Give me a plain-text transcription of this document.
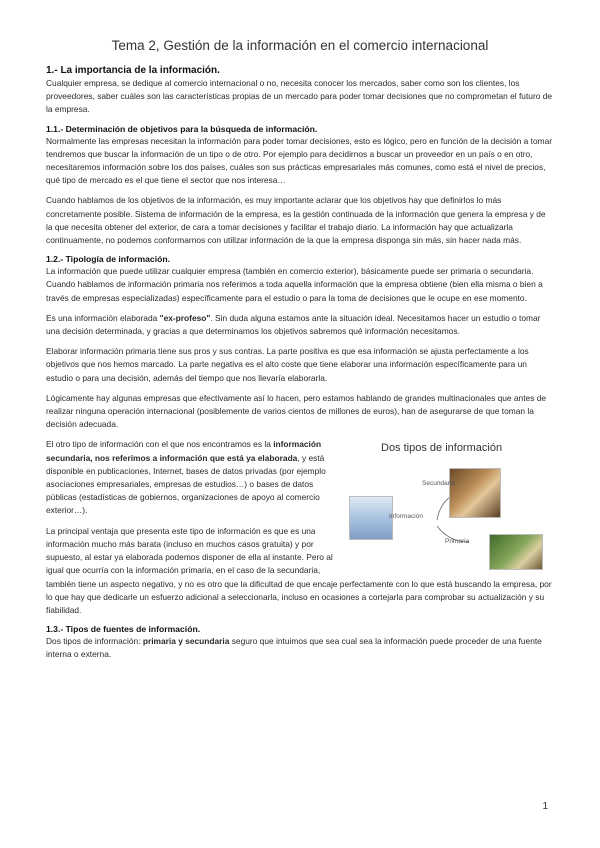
Tema 2, Gestión de la información en el comercio internacional
1.- La importancia de la información.

Cualquier empresa, se dedique al comercio internacional o no, necesita conocer los mercados, saber como son los clientes, los proveedores, saber cuáles son las características propias de un mercado para poder tomar decisiones que no comprometan el futuro de la empresa.

1.1.- Determinación de objetivos para la búsqueda de información.

Normalmente las empresas necesitan la información para poder tomar decisiones, esto es lógico, pero en función de la decisión a tomar tendremos que buscar la información de un tipo o de otro. Por ejemplo para decidirnos a buscar un proveedor en un país o en otro, necesitaremos información sobre los dos países, cuáles son sus prácticas empresariales más comunes, como está el nivel de precios, qué tipo de mercado es el que tiene el sector que nos interesa…

Cuando hablamos de los objetivos de la información, es muy importante aclarar que los objetivos hay que definirlos lo más concretamente posible. Sistema de información de la empresa, es la gestión continuada de la información que genera la empresa y de la que necesita obtener del exterior, de cara a tomar decisiones y facilitar el trabajo diario. La información hay que actualizarla continuamente, no podemos conformarnos con utilizar información de la que la empresa disponga sin más, sin hacer nada más.

1.2.- Tipología de información.

La información que puede utilizar cualquier empresa (también en comercio exterior), básicamente puede ser primaria o secundaria. Cuando hablamos de información primaria nos referimos a toda aquella información que la empresa obtiene (bien ella misma o bien a través de empresas especializadas) específicamente para el estudio o para la toma de decisiones que le ocupe en ese momento.

Es una información elaborada "ex-profeso". Sin duda alguna estamos ante la situación ideal. Necesitamos hacer un estudio o tomar una decisión determinada, y gracias a que determinamos los objetivos sabremos qué información necesitamos.

Elaborar información primaria tiene sus pros y sus contras. La parte positiva es que esa información se ajusta perfectamente a los objetivos que nos hemos marcado. La parte negativa es el alto coste que tiene elaborar una información específicamente para un estudio o para una decisión, además del tiempo que nos llevaría elaborarla.

Lógicamente hay algunas empresas que efectivamente así lo hacen, pero estamos hablando de grandes multinacionales que antes de realizar ninguna operación internacional (posiblemente de varios cientos de millones de euros), han de asegurarse de que toman la decisión adecuada.

Dos tipos de información
Secundaria
Información
Primaria

El otro tipo de información con el que nos encontramos es la información secundaria, nos referimos a información que está ya elaborada, y está disponible en publicaciones, Internet, bases de datos privadas (por ejemplo asociaciones empresariales, empresas de estudios…) o bases de datos públicas (estadísticas de gobiernos, organizaciones de apoyo al comercio exterior…).

La principal ventaja que presenta este tipo de información es que es una información mucho más barata (incluso en muchos casos gratuita) y por supuesto, al estar ya elaborada podemos disponer de ella al instante. Pero al igual que ocurría con la información primaria, en el caso de la secundaria, también tiene un aspecto negativo, y no es otro que la dificultad de que encaje perfectamente con lo que está buscando la empresa, por lo que hay que dedicarle un esfuerzo adicional a seleccionarla, incluso en ocasiones a cortejarla para comprobar su actualización y su fiabilidad.

1.3.- Tipos de fuentes de información.

Dos tipos de información: primaria y secundaria seguro que intuimos que sea cual sea la información puede proceder de una fuente interna o externa.

1
